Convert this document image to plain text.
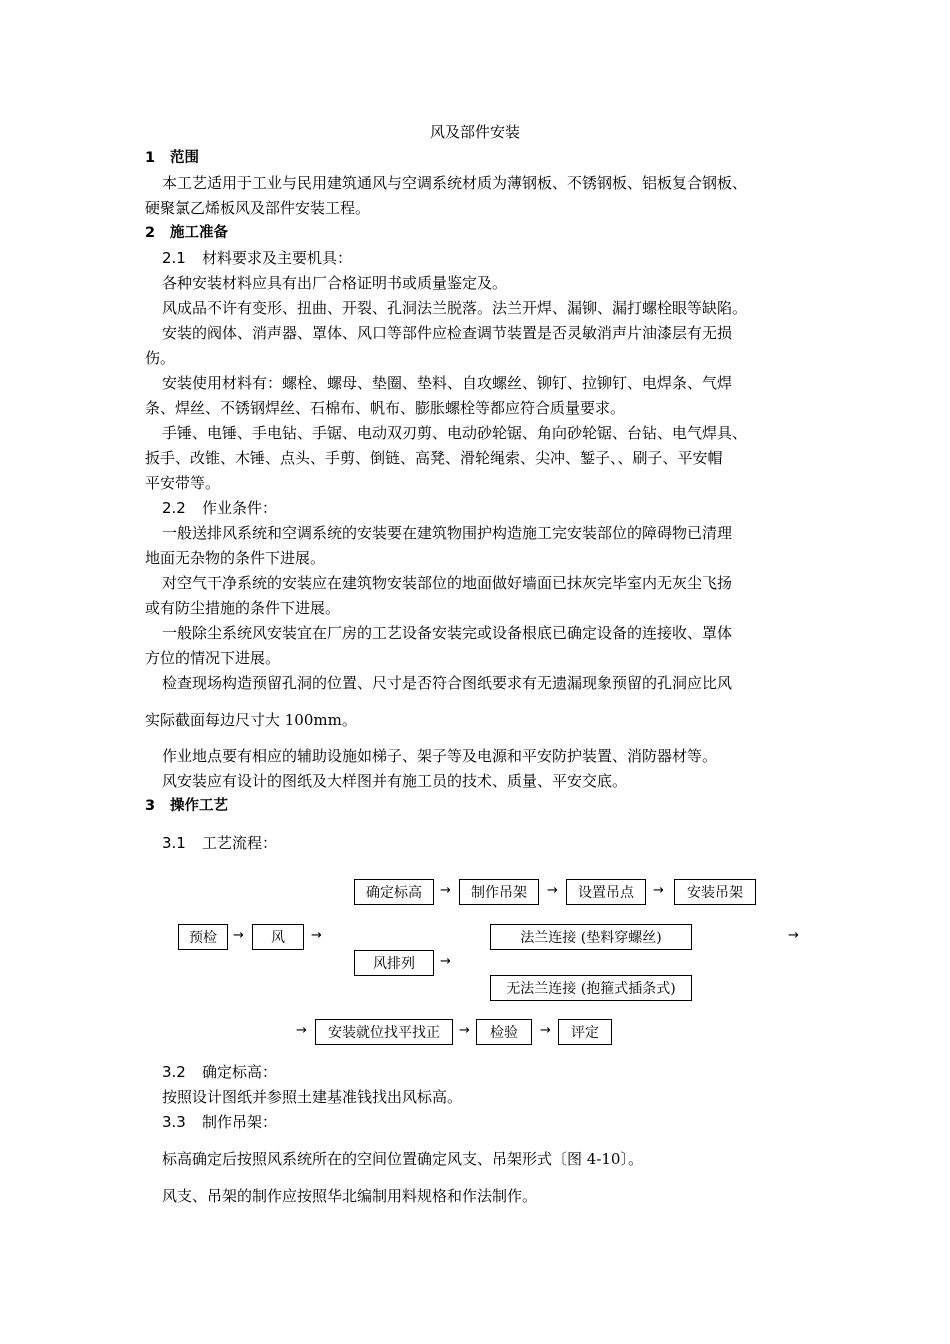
风及部件安装
1 范围
本工艺适用于工业与民用建筑通风与空调系统材质为薄钢板、不锈钢板、铝板复合钢板、
硬聚氯乙烯板风及部件安装工程。
2 施工准备
2.1 材料要求及主要机具：
各种安装材料应具有出厂合格证明书或质量鉴定及。
风成品不许有变形、扭曲、开裂、孔洞法兰脱落。法兰开焊、漏铆、漏打螺栓眼等缺陷。
安装的阀体、消声器、罩体、风口等部件应检查调节装置是否灵敏消声片油漆层有无损
伤。
安装使用材料有：螺栓、螺母、垫圈、垫料、自攻螺丝、铆钉、拉铆钉、电焊条、气焊
条、焊丝、不锈钢焊丝、石棉布、帆布、膨胀螺栓等都应符合质量要求。
手锤、电锤、手电钻、手锯、电动双刃剪、电动砂轮锯、角向砂轮锯、台钻、电气焊具、
扳手、改锥、木锤、点头、手剪、倒链、高凳、滑轮绳索、尖冲、錾子、、刷子、平安帽
平安带等。
2.2 作业条件：
一般送排风系统和空调系统的安装要在建筑物围护构造施工完安装部位的障碍物已清理
地面无杂物的条件下进展。
对空气干净系统的安装应在建筑物安装部位的地面做好墙面已抹灰完毕室内无灰尘飞扬
或有防尘措施的条件下进展。
一般除尘系统风安装宜在厂房的工艺设备安装完或设备根底已确定设备的连接收、罩体
方位的情况下进展。
检查现场构造预留孔洞的位置、尺寸是否符合图纸要求有无遗漏现象预留的孔洞应比风
实际截面每边尺寸大 100mm。
作业地点要有相应的辅助设施如梯子、架子等及电源和平安防护装置、消防器材等。
风安装应有设计的图纸及大样图并有施工员的技术、质量、平安交底。
3 操作工艺
3.1 工艺流程：
确定标高	→	制作吊架	→	设置吊点	→	安装吊架
预检	→	风	→	法兰连接 (垫料穿螺丝)	→
风排列	→
无法兰连接 (抱箍式插条式)
→	安装就位找平找正	→	检验	→	评定
3.2 确定标高：
按照设计图纸并参照土建基准钱找出风标高。
3.3 制作吊架：
标高确定后按照风系统所在的空间位置确定风支、吊架形式〔图 4-10〕。
风支、吊架的制作应按照华北编制用料规格和作法制作。
